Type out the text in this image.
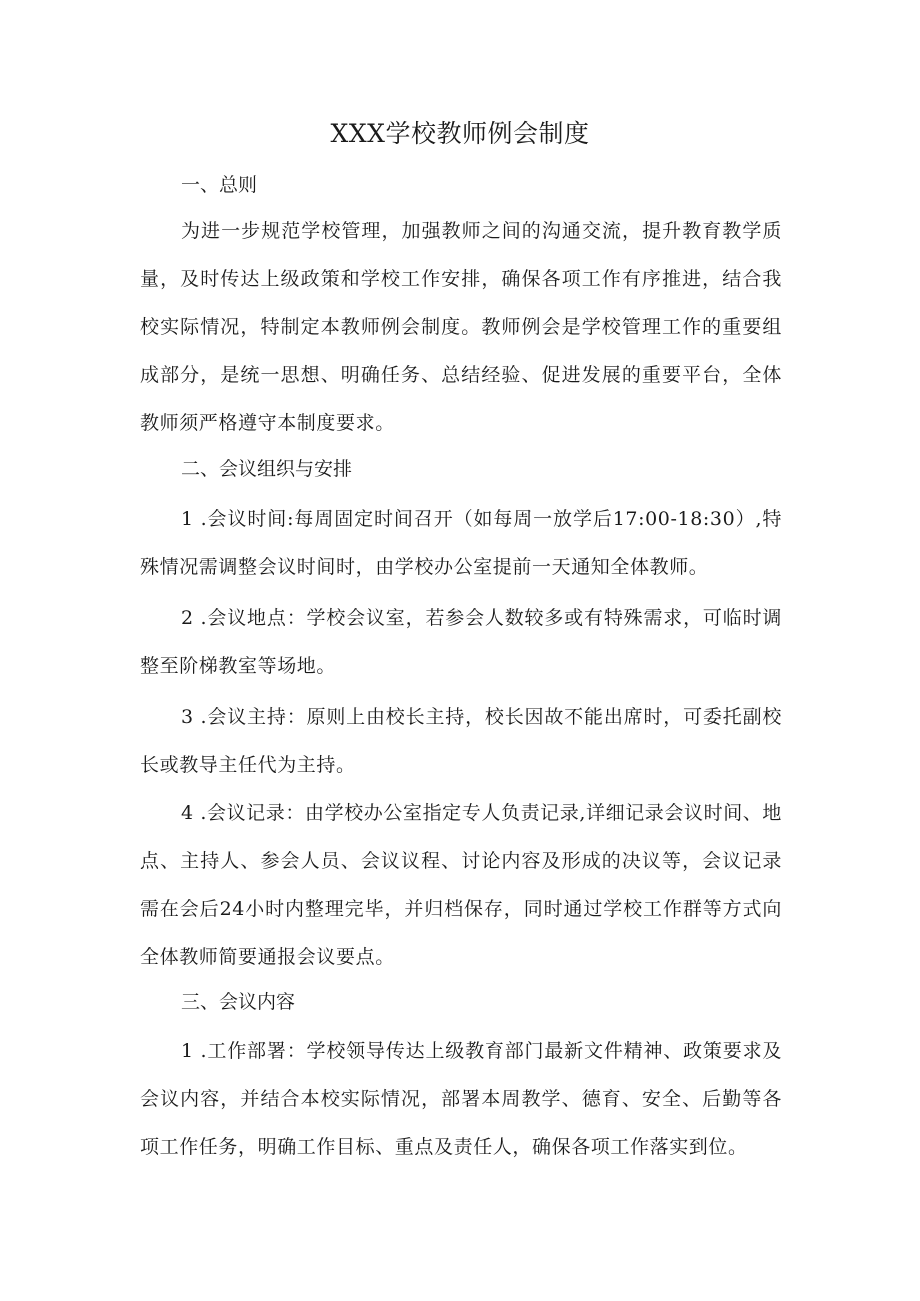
XXX学校教师例会制度

一、总则

为进一步规范学校管理，加强教师之间的沟通交流，提升教育教学质量，及时传达上级政策和学校工作安排，确保各项工作有序推进，结合我校实际情况，特制定本教师例会制度。教师例会是学校管理工作的重要组成部分，是统一思想、明确任务、总结经验、促进发展的重要平台，全体教师须严格遵守本制度要求。

二、会议组织与安排

1 .会议时间:每周固定时间召开（如每周一放学后17:00-18:30）,特殊情况需调整会议时间时，由学校办公室提前一天通知全体教师。

2 .会议地点：学校会议室，若参会人数较多或有特殊需求，可临时调整至阶梯教室等场地。

3 .会议主持：原则上由校长主持，校长因故不能出席时，可委托副校长或教导主任代为主持。

4 .会议记录：由学校办公室指定专人负责记录,详细记录会议时间、地点、主持人、参会人员、会议议程、讨论内容及形成的决议等，会议记录需在会后24小时内整理完毕，并归档保存，同时通过学校工作群等方式向全体教师简要通报会议要点。

三、会议内容

1 .工作部署：学校领导传达上级教育部门最新文件精神、政策要求及会议内容，并结合本校实际情况，部署本周教学、德育、安全、后勤等各项工作任务，明确工作目标、重点及责任人，确保各项工作落实到位。
